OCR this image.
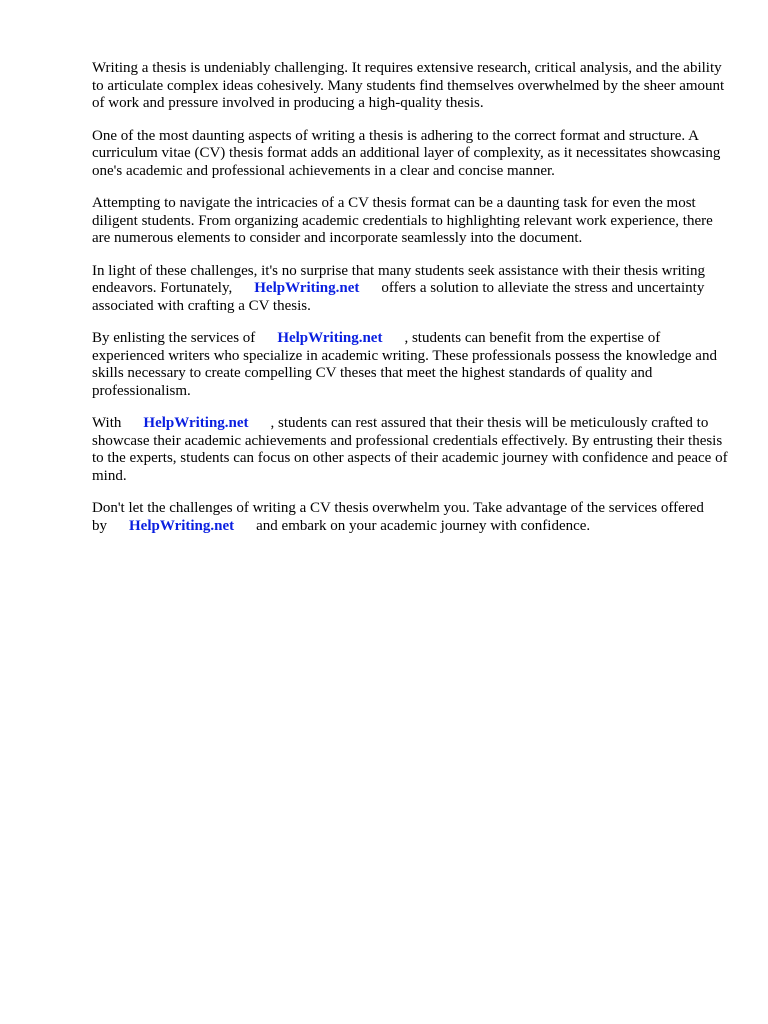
Writing a thesis is undeniably challenging. It requires extensive research, critical analysis, and the ability to articulate complex ideas cohesively. Many students find themselves overwhelmed by the sheer amount of work and pressure involved in producing a high-quality thesis.

One of the most daunting aspects of writing a thesis is adhering to the correct format and structure. A curriculum vitae (CV) thesis format adds an additional layer of complexity, as it necessitates showcasing one's academic and professional achievements in a clear and concise manner.

Attempting to navigate the intricacies of a CV thesis format can be a daunting task for even the most diligent students. From organizing academic credentials to highlighting relevant work experience, there are numerous elements to consider and incorporate seamlessly into the document.

In light of these challenges, it's no surprise that many students seek assistance with their thesis writing endeavors. Fortunately, HelpWriting.net offers a solution to alleviate the stress and uncertainty associated with crafting a CV thesis.

By enlisting the services of HelpWriting.net , students can benefit from the expertise of experienced writers who specialize in academic writing. These professionals possess the knowledge and skills necessary to create compelling CV theses that meet the highest standards of quality and professionalism.

With HelpWriting.net , students can rest assured that their thesis will be meticulously crafted to showcase their academic achievements and professional credentials effectively. By entrusting their thesis to the experts, students can focus on other aspects of their academic journey with confidence and peace of mind.

Don't let the challenges of writing a CV thesis overwhelm you. Take advantage of the services offered by HelpWriting.net and embark on your academic journey with confidence.
